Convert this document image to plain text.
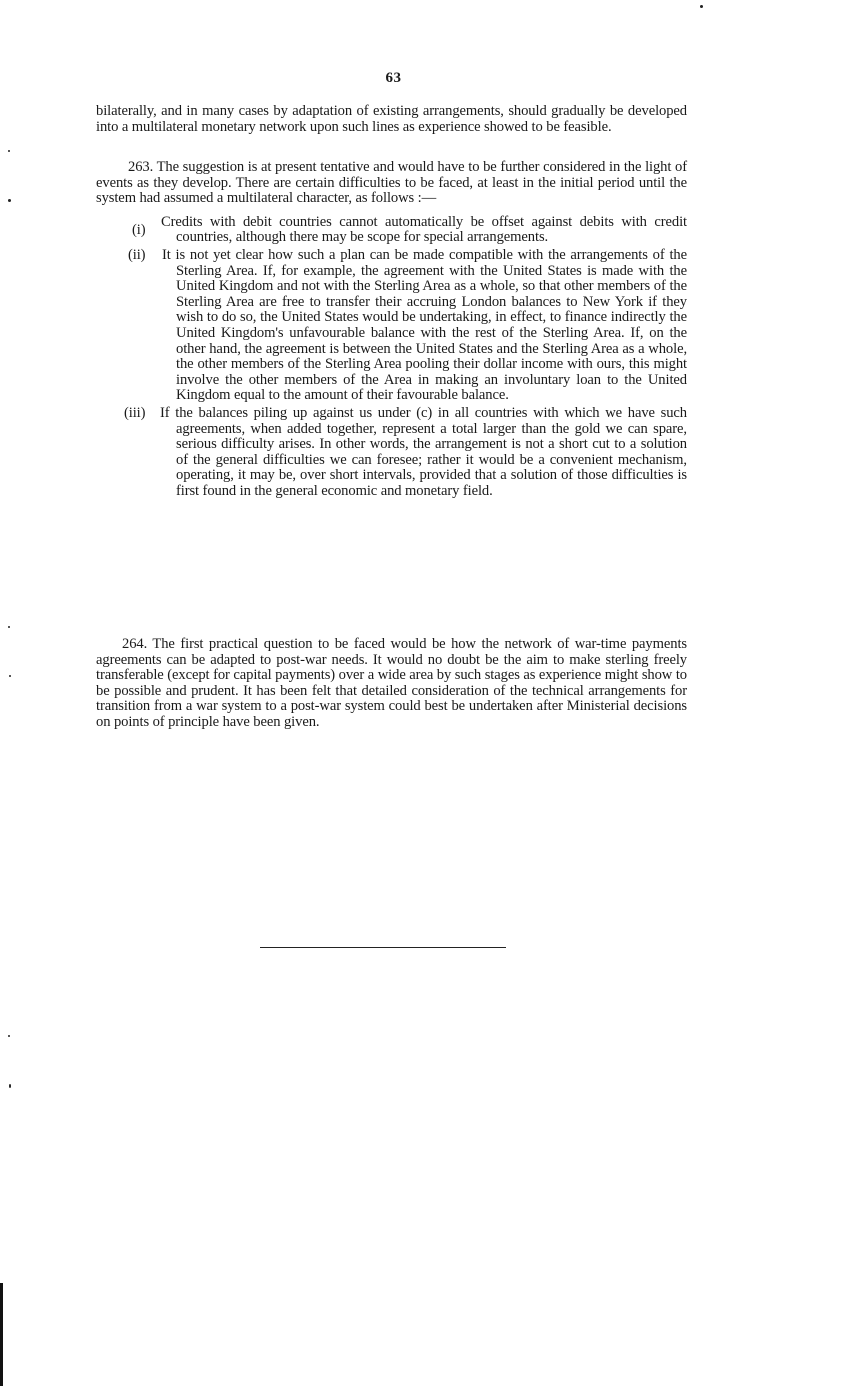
63

bilaterally, and in many cases by adaptation of existing arrangements, should gradually be developed into a multilateral monetary network upon such lines as experience showed to be feasible.

263. The suggestion is at present tentative and would have to be further considered in the light of events as they develop. There are certain difficulties to be faced, at least in the initial period until the system had assumed a multilateral character, as follows :—

(i) Credits with debit countries cannot automatically be offset against debits with credit countries, although there may be scope for special arrangements.
(ii) It is not yet clear how such a plan can be made compatible with the arrangements of the Sterling Area. If, for example, the agreement with the United States is made with the United Kingdom and not with the Sterling Area as a whole, so that other members of the Sterling Area are free to transfer their accruing London balances to New York if they wish to do so, the United States would be undertaking, in effect, to finance indirectly the United Kingdom's unfavourable balance with the rest of the Sterling Area. If, on the other hand, the agreement is between the United States and the Sterling Area as a whole, the other members of the Sterling Area pooling their dollar income with ours, this might involve the other members of the Area in making an involuntary loan to the United Kingdom equal to the amount of their favourable balance.
(iii) If the balances piling up against us under (c) in all countries with which we have such agreements, when added together, represent a total larger than the gold we can spare, serious difficulty arises. In other words, the arrangement is not a short cut to a solution of the general difficulties we can foresee; rather it would be a convenient mechanism, operating, it may be, over short intervals, provided that a solution of those difficulties is first found in the general economic and monetary field.

264. The first practical question to be faced would be how the network of war-time payments agreements can be adapted to post-war needs. It would no doubt be the aim to make sterling freely transferable (except for capital payments) over a wide area by such stages as experience might show to be possible and prudent. It has been felt that detailed consideration of the technical arrangements for transition from a war system to a post-war system could best be undertaken after Ministerial decisions on points of principle have been given.
